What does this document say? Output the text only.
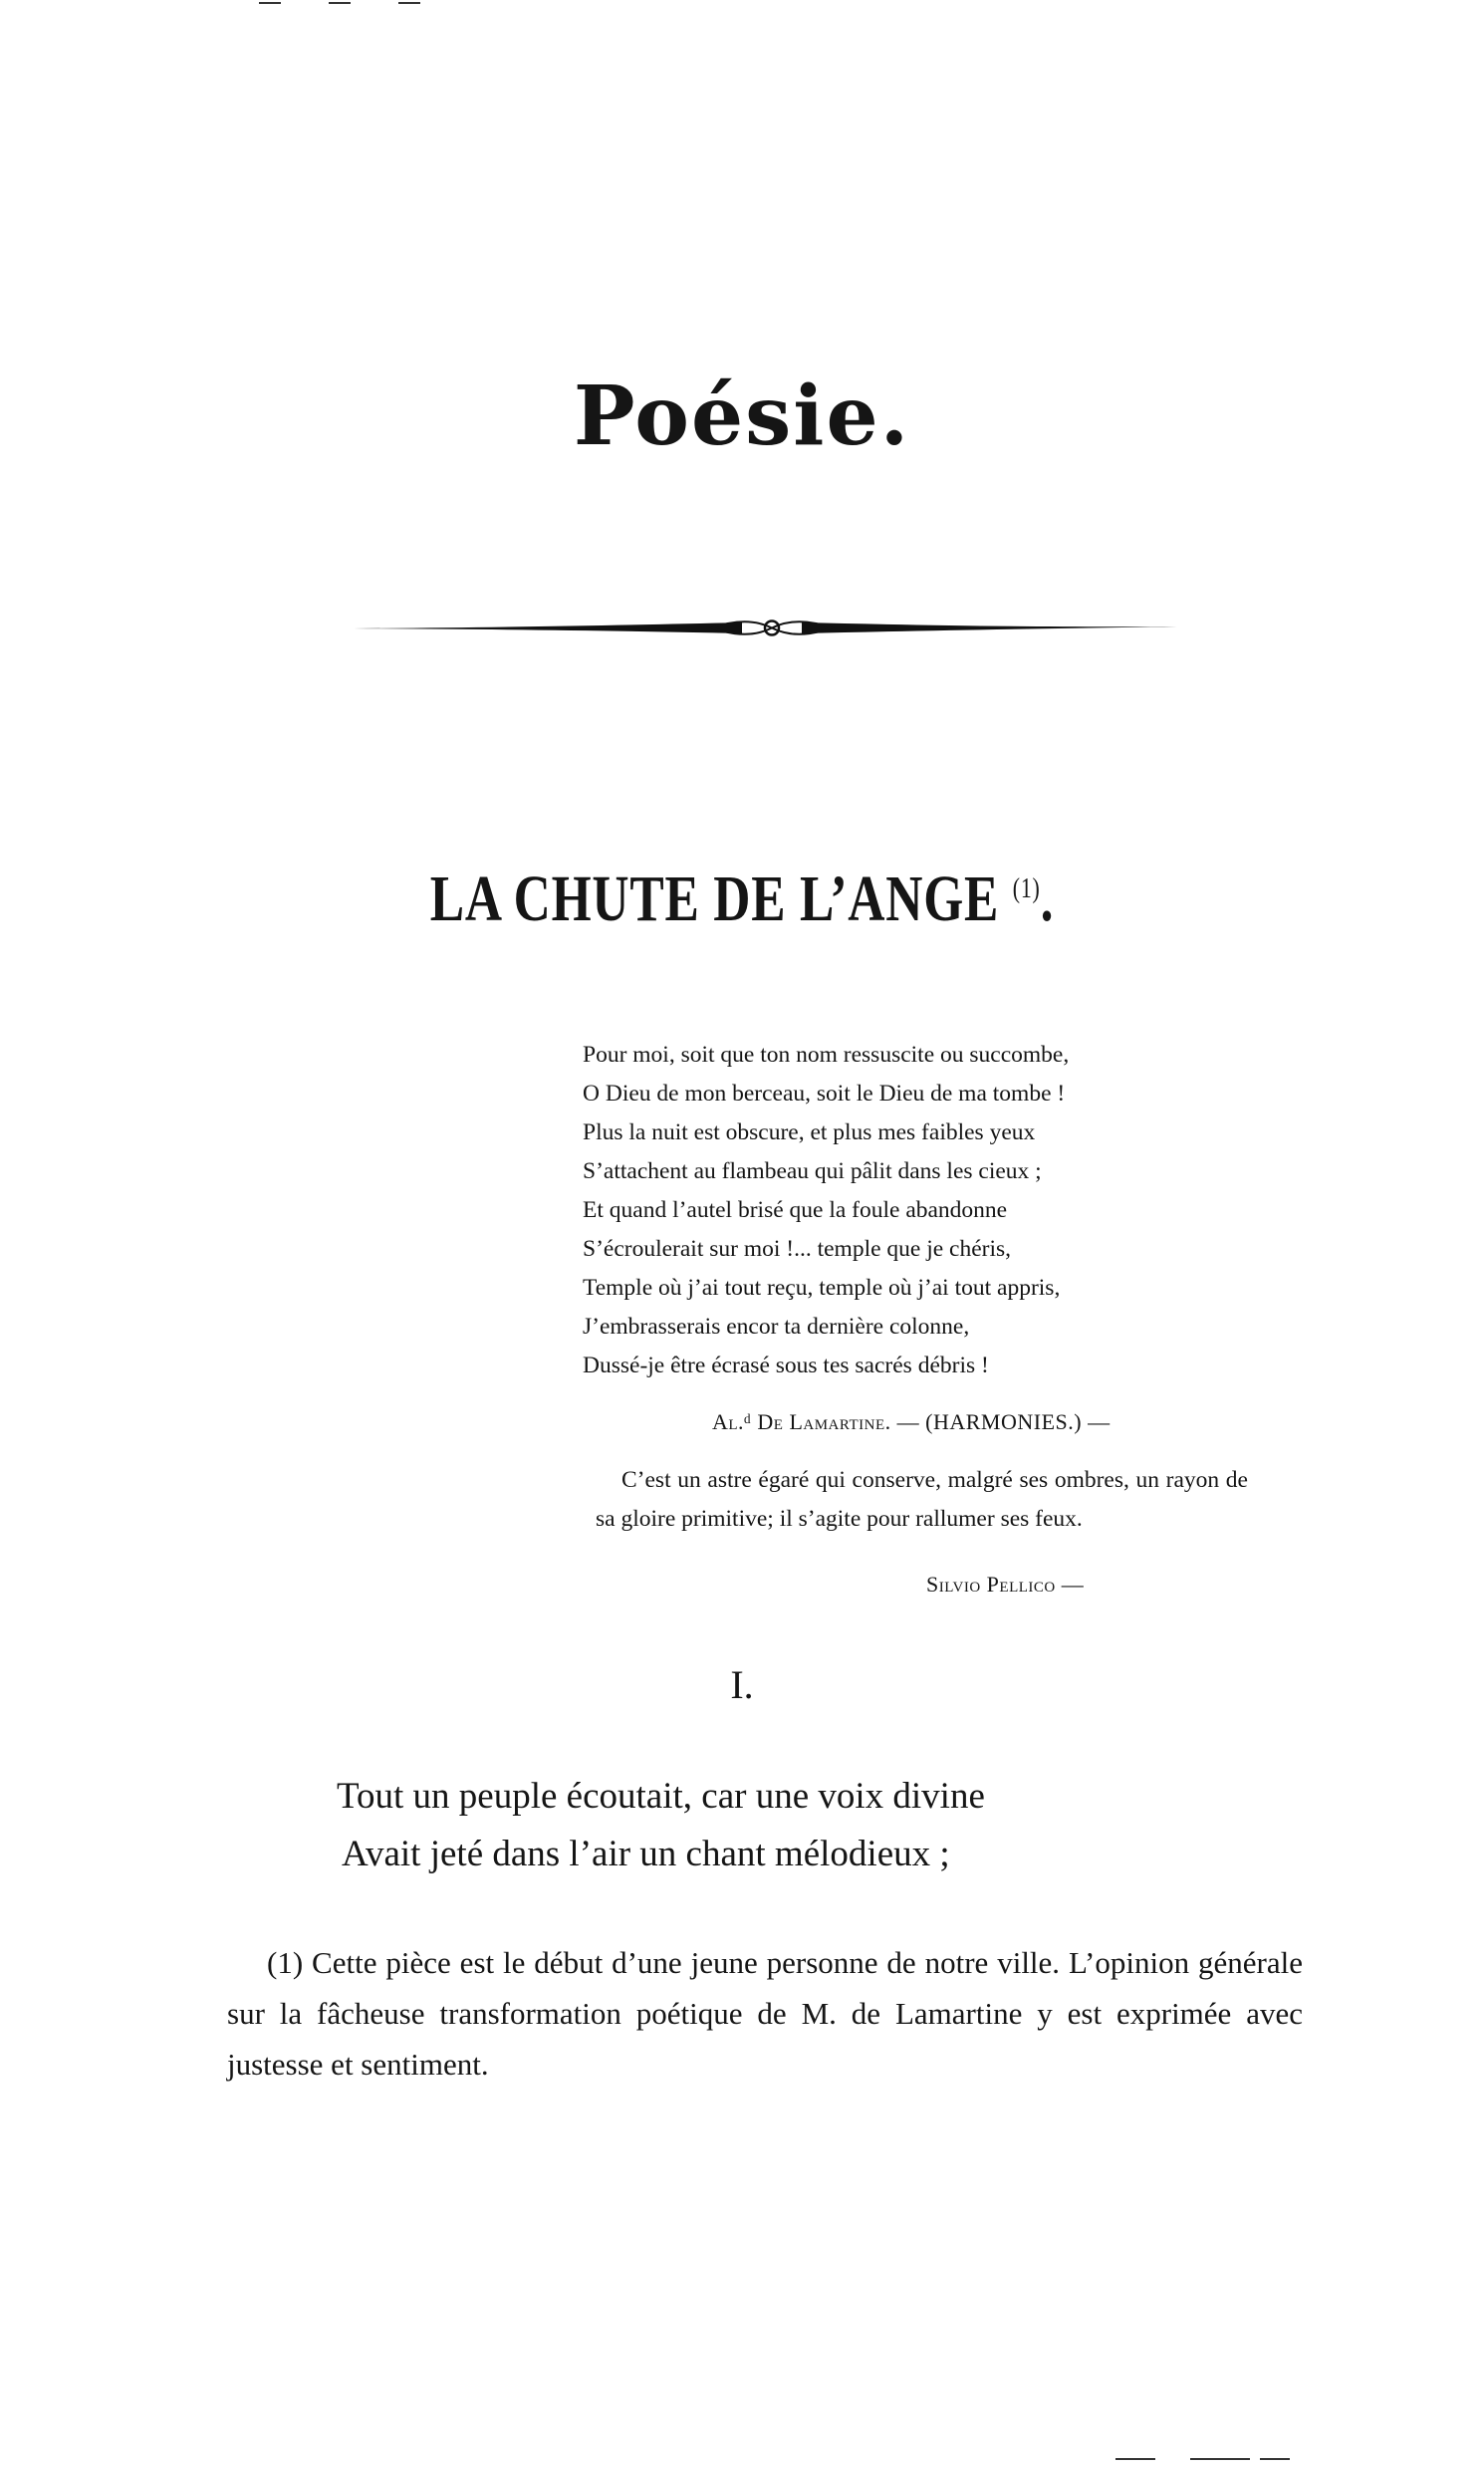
Poésie.
LA CHUTE DE L’ANGE $^{(1)}$.
Pour moi, soit que ton nom ressuscite ou succombe,
O Dieu de mon berceau, soit le Dieu de ma tombe !
Plus la nuit est obscure, et plus mes faibles yeux
S’attachent au flambeau qui pâlit dans les cieux ;
Et quand l’autel brisé que la foule abandonne
S’écroulerait sur moi !... temple que je chéris,
Temple où j’ai tout reçu, temple où j’ai tout appris,
J’embrasserais encor ta dernière colonne,
Dussé-je être écrasé sous tes sacrés débris !
Al.ᵈ De Lamartine. — (HARMONIES.) —
C’est un astre égaré qui conserve, malgré ses ombres, un rayon de sa gloire primitive; il s’agite pour rallumer ses feux.
Silvio Pellico —
I.
Tout un peuple écoutait, car une voix divine
Avait jeté dans l’air un chant mélodieux ;
(1) Cette pièce est le début d’une jeune personne de notre ville. L’opinion générale sur la fâcheuse transformation poétique de M. de Lamartine y est exprimée avec justesse et sentiment.
